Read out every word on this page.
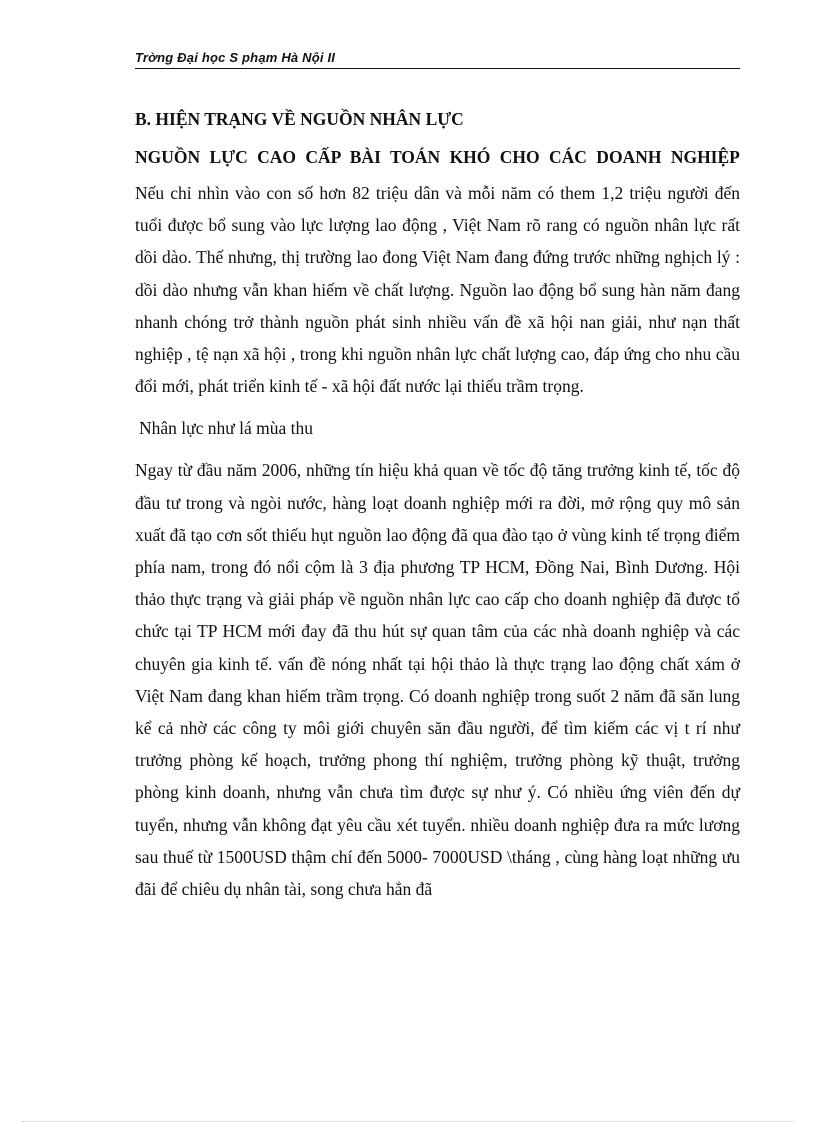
Trờng Đại học S phạm Hà Nội II
B. HIỆN TRẠNG VỀ NGUỒN NHÂN LỰC
NGUỒN LỰC CAO CẤP BÀI TOÁN KHÓ CHO CÁC DOANH NGHIỆP

Nếu chỉ nhìn vào con số hơn 82 triệu dân và mỗi năm có them 1,2 triệu người đến tuổi được bổ sung vào lực lượng lao động , Việt Nam rõ rang có nguồn nhân lực rất dồi dào. Thế nhưng, thị trường lao đong Việt Nam đang đứng trước những nghịch lý : dồi dào nhưng vẫn khan hiếm về chất lượng. Nguồn lao động bổ sung hàn năm đang nhanh chóng trở thành nguồn phát sinh nhiều vấn đề xã hội nan giải, như nạn thất nghiệp , tệ nạn xã hội , trong khi nguồn nhân lực chất lượng cao, đáp ứng cho nhu cầu đổi mới, phát triển kinh tế - xã hội đất nước lại thiếu trầm trọng.

Nhân lực như lá mùa thu

Ngay từ đầu năm 2006, những tín hiệu khả quan về tốc độ tăng trưởng kinh tế, tốc độ đầu tư trong và ngòi nước, hàng loạt doanh nghiệp mới ra đời, mở rộng quy mô sản xuất đã tạo cơn sốt thiếu hụt nguồn lao động đã qua đào tạo ở vùng kinh tế trọng điểm phía nam, trong đó nổi cộm là 3 địa phương TP HCM, Đồng Nai, Bình Dương. Hội thảo thực trạng và giải pháp về nguồn nhân lực cao cấp cho doanh nghiệp đã được tổ chức tại TP HCM mới đay đã thu hút sự quan tâm của các nhà doanh nghiệp và các chuyên gia kinh tế. vấn đề nóng nhất tại hội thảo là thực trạng lao động chất xám ở Việt Nam đang khan hiếm trầm trọng. Có doanh nghiệp trong suốt 2 năm đã săn lung kể cả nhờ các công ty môi giới chuyên săn đầu người, để tìm kiếm các vị t rí như trưởng phòng kế hoạch, trưởng phong thí nghiệm, trưởng phòng kỹ thuật, trưởng phòng kinh doanh, nhưng vẫn chưa tìm được sự như ý. Có nhiều ứng viên đến dự tuyển, nhưng vẫn không đạt yêu cầu xét tuyển. nhiều doanh nghiệp đưa ra mức lương sau thuế từ 1500USD thậm chí đến 5000- 7000USD \tháng , cùng hàng loạt những ưu đãi để chiêu dụ nhân tài, song chưa hẳn đã
